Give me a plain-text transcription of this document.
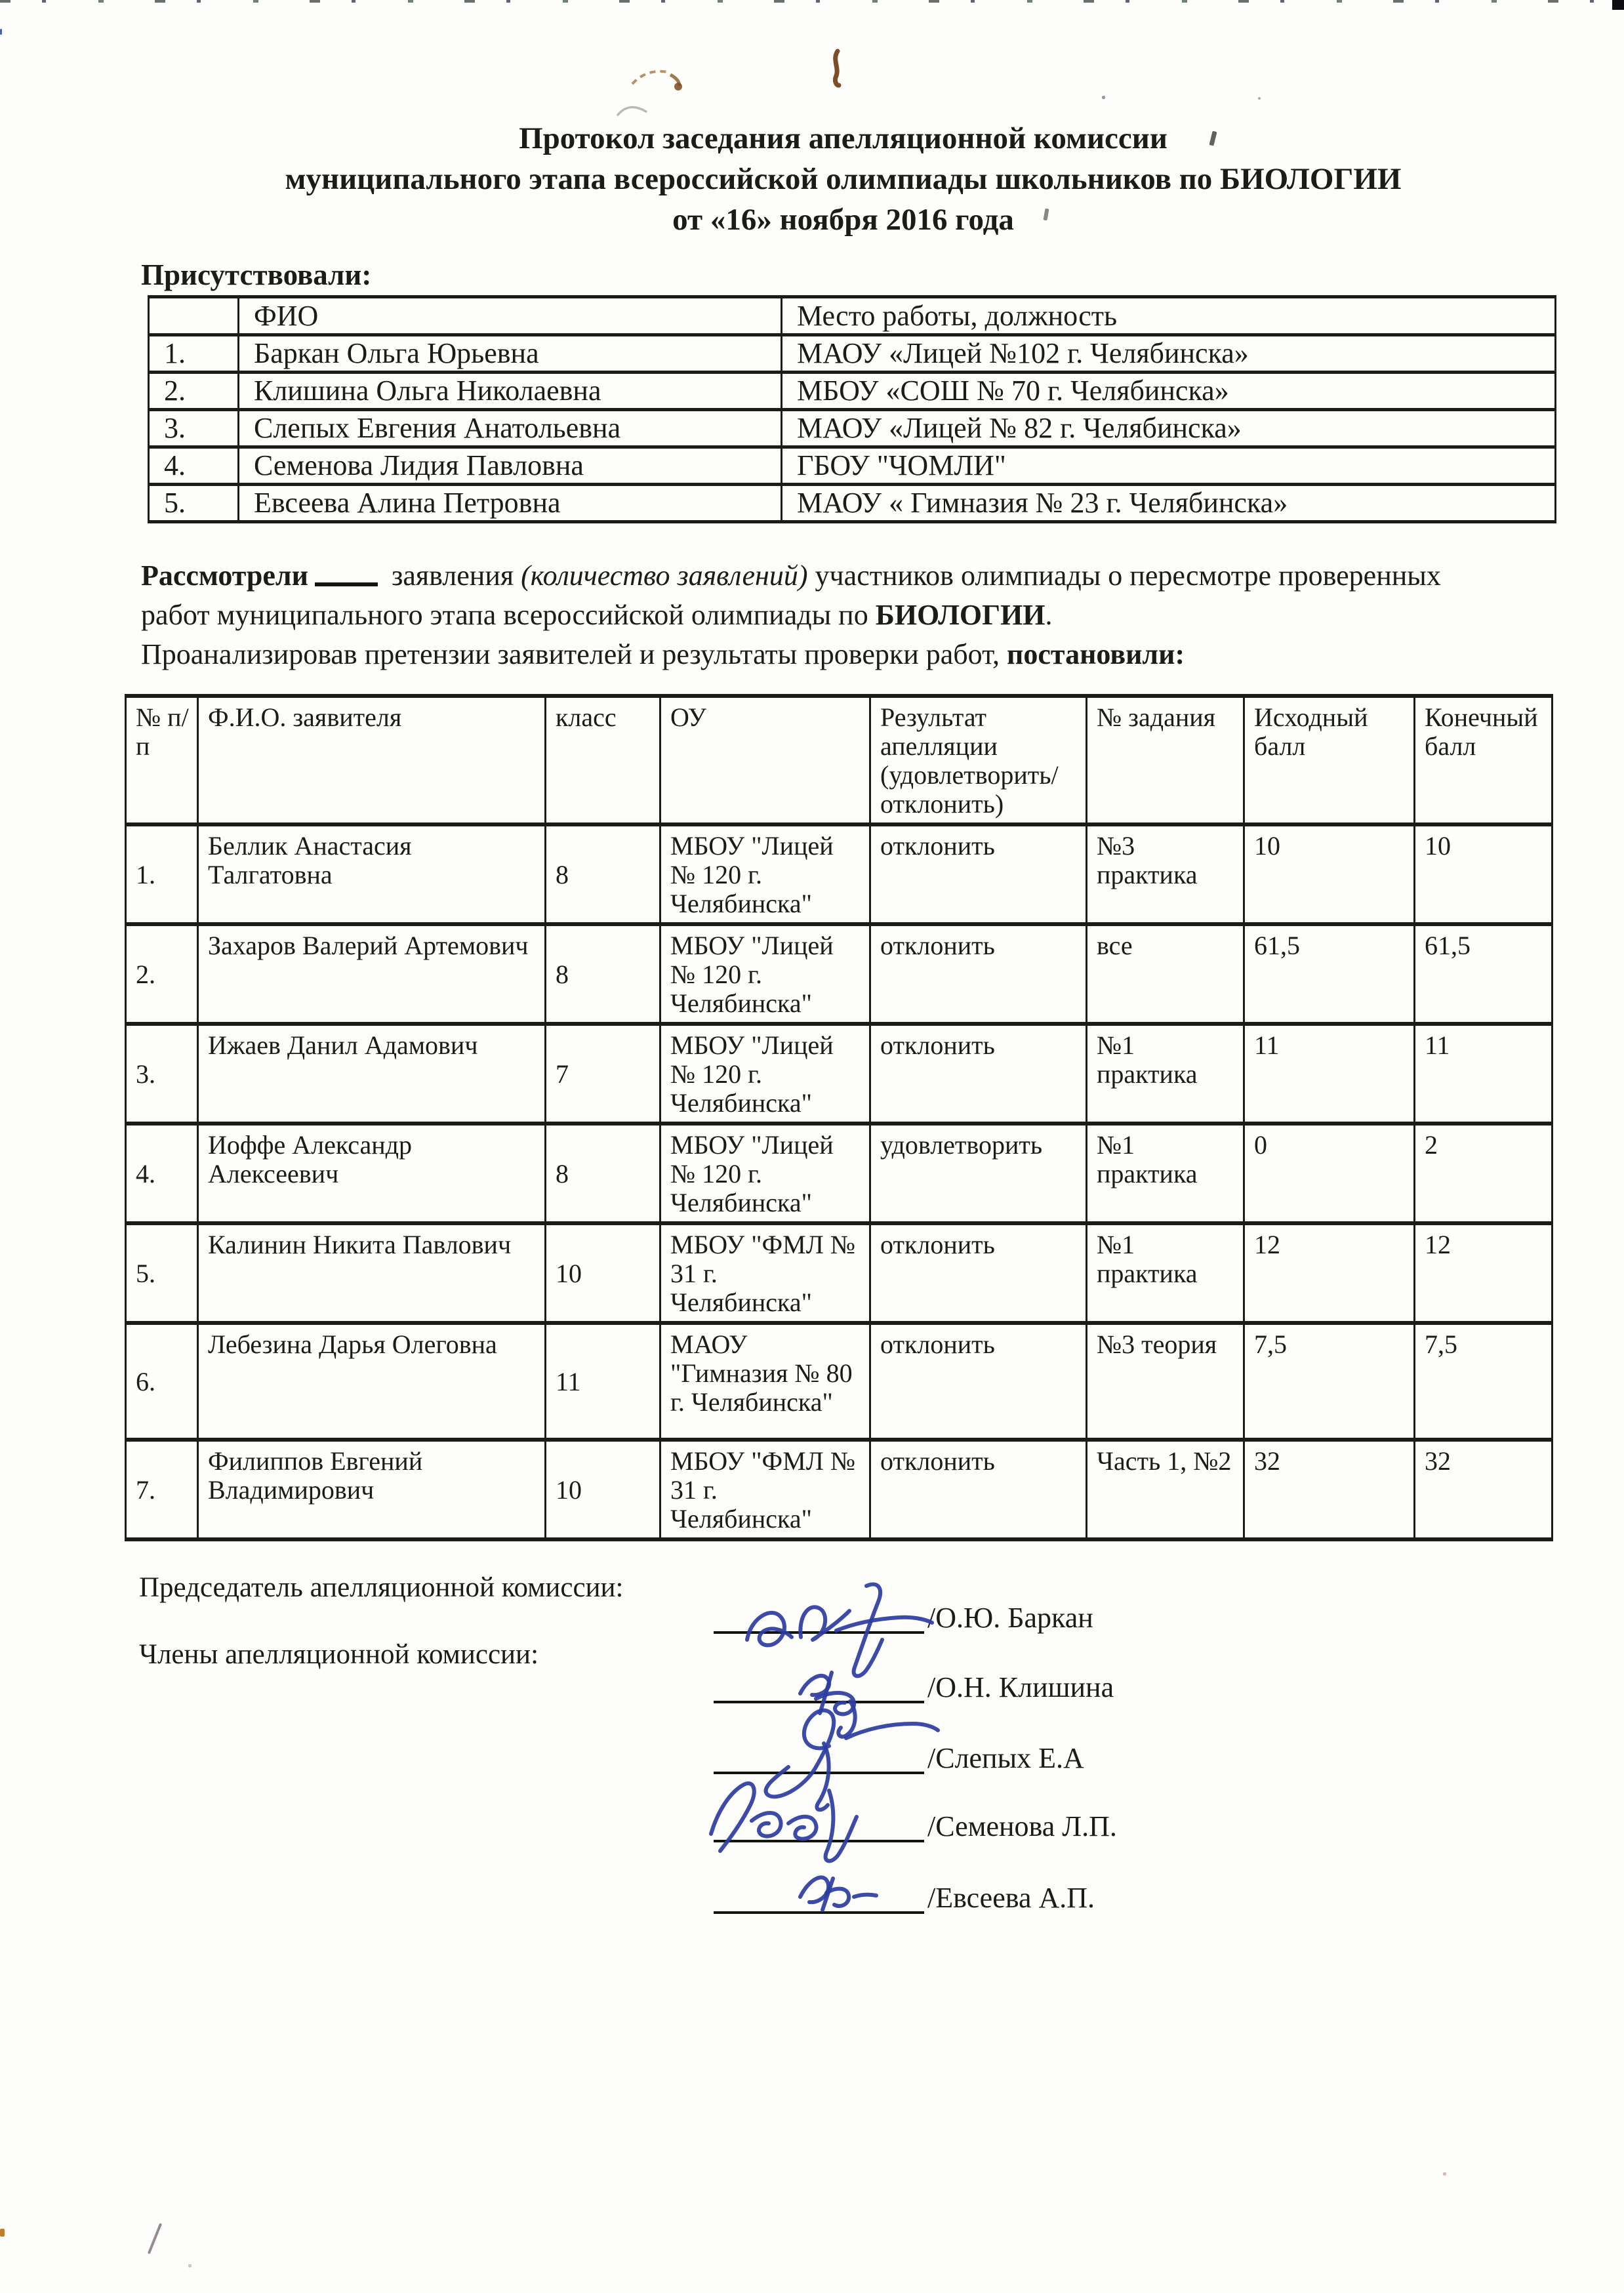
Протокол заседания апелляционной комиссии
муниципального этапа всероссийской олимпиады школьников по БИОЛОГИИ
от «16» ноября 2016 года
Присутствовали:
	ФИО	Место работы, должность
1.	Баркан Ольга Юрьевна	МАОУ «Лицей №102 г. Челябинска»
2.	Клишина Ольга Николаевна	МБОУ «СОШ № 70 г. Челябинска»
3.	Слепых Евгения Анатольевна	МАОУ «Лицей № 82 г. Челябинска»
4.	Семенова Лидия Павловна	ГБОУ "ЧОМЛИ"
5.	Евсеева Алина Петровна	МАОУ « Гимназия № 23 г. Челябинска»

Рассмотрели	заявления (количество заявлений) участников олимпиады о пересмотре проверенных
работ муниципального этапа всероссийской олимпиады по БИОЛОГИИ.
Проанализировав претензии заявителей и результаты проверки работ, постановили:

№ п/п	Ф.И.О. заявителя	класс	ОУ	Результат апелляции (удовлетворить/ отклонить)	№ задания	Исходный балл	Конечный балл
1.	Беллик Анастасия Талгатовна	8	МБОУ "Лицей № 120 г. Челябинска"	отклонить	№3 практика	10	10
2.	Захаров Валерий Артемович	8	МБОУ "Лицей № 120 г. Челябинска"	отклонить	все	61,5	61,5
3.	Ижаев Данил Адамович	7	МБОУ "Лицей № 120 г. Челябинска"	отклонить	№1 практика	11	11
4.	Иоффе Александр Алексеевич	8	МБОУ "Лицей № 120 г. Челябинска"	удовлетворить	№1 практика	0	2
5.	Калинин Никита Павлович	10	МБОУ "ФМЛ № 31 г. Челябинска"	отклонить	№1 практика	12	12
6.	Лебезина Дарья Олеговна	11	МАОУ "Гимназия № 80 г. Челябинска"	отклонить	№3 теория	7,5	7,5
7.	Филиппов Евгений Владимирович	10	МБОУ "ФМЛ № 31 г. Челябинска"	отклонить	Часть 1, №2	32	32
Председатель апелляционной комиссии:
Члены апелляционной комиссии:
/О.Ю. Баркан
/О.Н. Клишина
/Слепых Е.А
/Семенова Л.П.
/Евсеева А.П.
